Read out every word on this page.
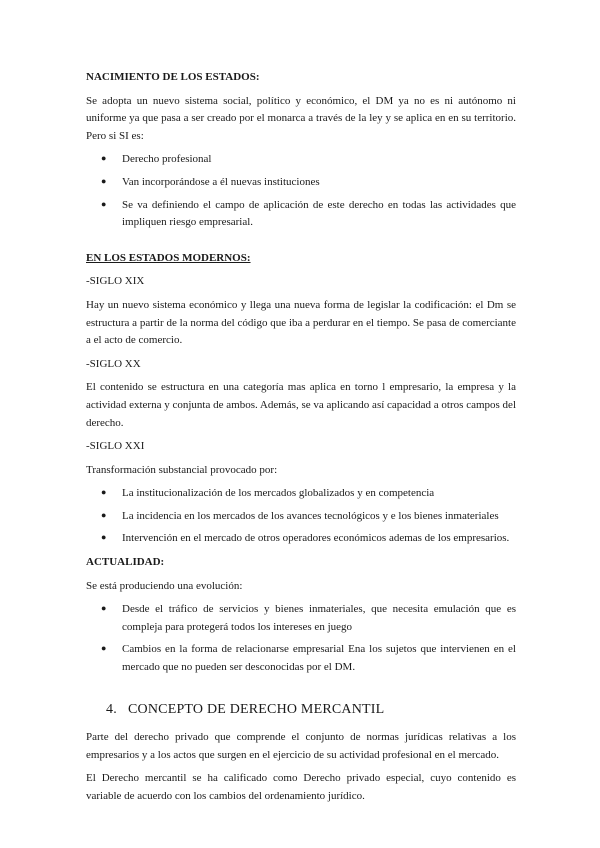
NACIMIENTO DE LOS ESTADOS:

Se adopta un nuevo sistema social, político y económico, el DM ya no es ni autónomo ni uniforme ya que pasa a ser creado por el monarca a través de la ley y se aplica en en su territorio. Pero si SI es:

● Derecho profesional
● Van incorporándose a él nuevas instituciones
● Se va definiendo el campo de aplicación de este derecho en todas las actividades que impliquen riesgo empresarial.
EN LOS ESTADOS MODERNOS:

-SIGLO XIX

Hay un nuevo sistema económico y llega una nueva forma de legislar la codificación: el Dm se estructura a partir de la norma del código que iba a perdurar en el tiempo. Se pasa de comerciante a el acto de comercio.

-SIGLO XX

El contenido se estructura en una categoría mas aplica en torno l empresario, la empresa y la actividad externa y conjunta de ambos. Además, se va aplicando así capacidad a otros campos del derecho.

-SIGLO XXI

Transformación substancial provocado por:

● La institucionalización de los mercados globalizados y en competencia
● La incidencia en los mercados de los avances tecnológicos y e los bienes inmateriales
● Intervención en el mercado de otros operadores económicos ademas de los empresarios.
ACTUALIDAD:

Se está produciendo una evolución:

● Desde el tráfico de servicios y bienes inmateriales, que necesita emulación que es compleja para protegerá todos los intereses en juego
● Cambios en la forma de relacionarse empresarial Ena los sujetos que intervienen en el mercado que no pueden ser desconocidas por el DM.
4. CONCEPTO DE DERECHO MERCANTIL

Parte del derecho privado que comprende el conjunto de normas jurídicas relativas a los empresarios y a los actos que surgen en el ejercicio de su actividad profesional en el mercado.

El Derecho mercantil se ha calificado como Derecho privado especial, cuyo contenido es variable de acuerdo con los cambios del ordenamiento jurídico.
